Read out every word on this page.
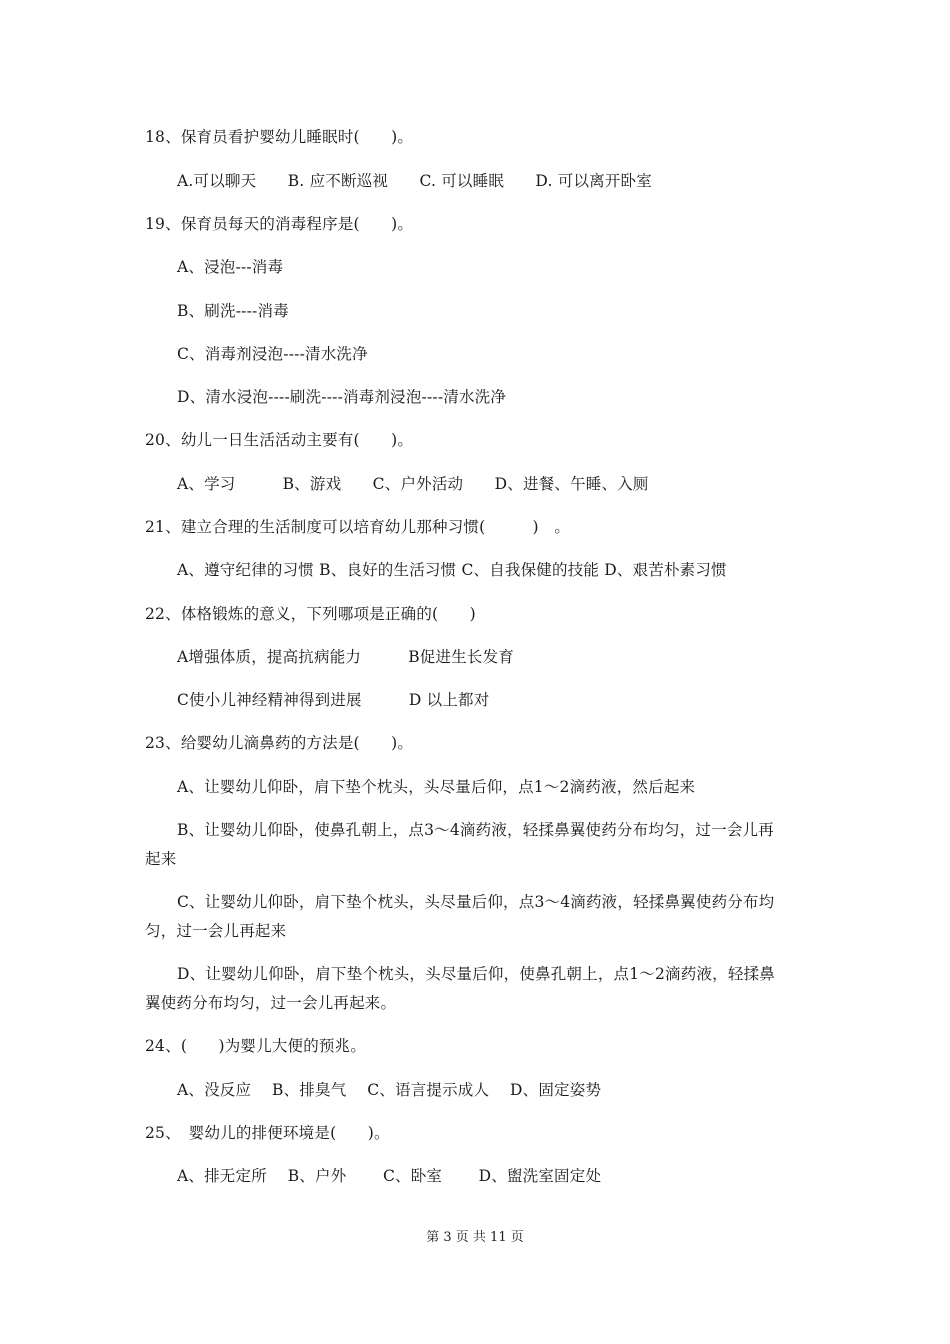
18、保育员看护婴幼儿睡眠时(　　)。
A.可以聊天　　B. 应不断巡视　　C. 可以睡眠　　D. 可以离开卧室
19、保育员每天的消毒程序是(　　)。
A、浸泡---消毒
B、刷洗----消毒
C、消毒剂浸泡----清水洗净
D、清水浸泡----刷洗----消毒剂浸泡----清水洗净
20、幼儿一日生活活动主要有(　　)。
A、学习　　　B、游戏　　C、户外活动　　D、进餐、午睡、入厕
21、建立合理的生活制度可以培育幼儿那种习惯(　　　)　。
A、遵守纪律的习惯 B、良好的生活习惯 C、自我保健的技能 D、艰苦朴素习惯
22、体格锻炼的意义，下列哪项是正确的(　　)
A增强体质，提高抗病能力　　　B促进生长发育
C使小儿神经精神得到进展　　　D 以上都对
23、给婴幼儿滴鼻药的方法是(　　)。
A、让婴幼儿仰卧，肩下垫个枕头，头尽量后仰，点1～2滴药液，然后起来
B、让婴幼儿仰卧，使鼻孔朝上，点3～4滴药液，轻揉鼻翼使药分布均匀，过一会儿再
起来
C、让婴幼儿仰卧，肩下垫个枕头，头尽量后仰，点3～4滴药液，轻揉鼻翼使药分布均
匀，过一会儿再起来
D、让婴幼儿仰卧，肩下垫个枕头，头尽量后仰，使鼻孔朝上，点1～2滴药液，轻揉鼻
翼使药分布均匀，过一会儿再起来。
24、(　　)为婴儿大便的预兆。
A、没反应　 B、排臭气　 C、语言提示成人　 D、固定姿势
25、　婴幼儿的排便环境是(　　)。
A、排无定所　 B、户外　　 C、卧室　　 D、盥洗室固定处
第 3 页 共 11 页
